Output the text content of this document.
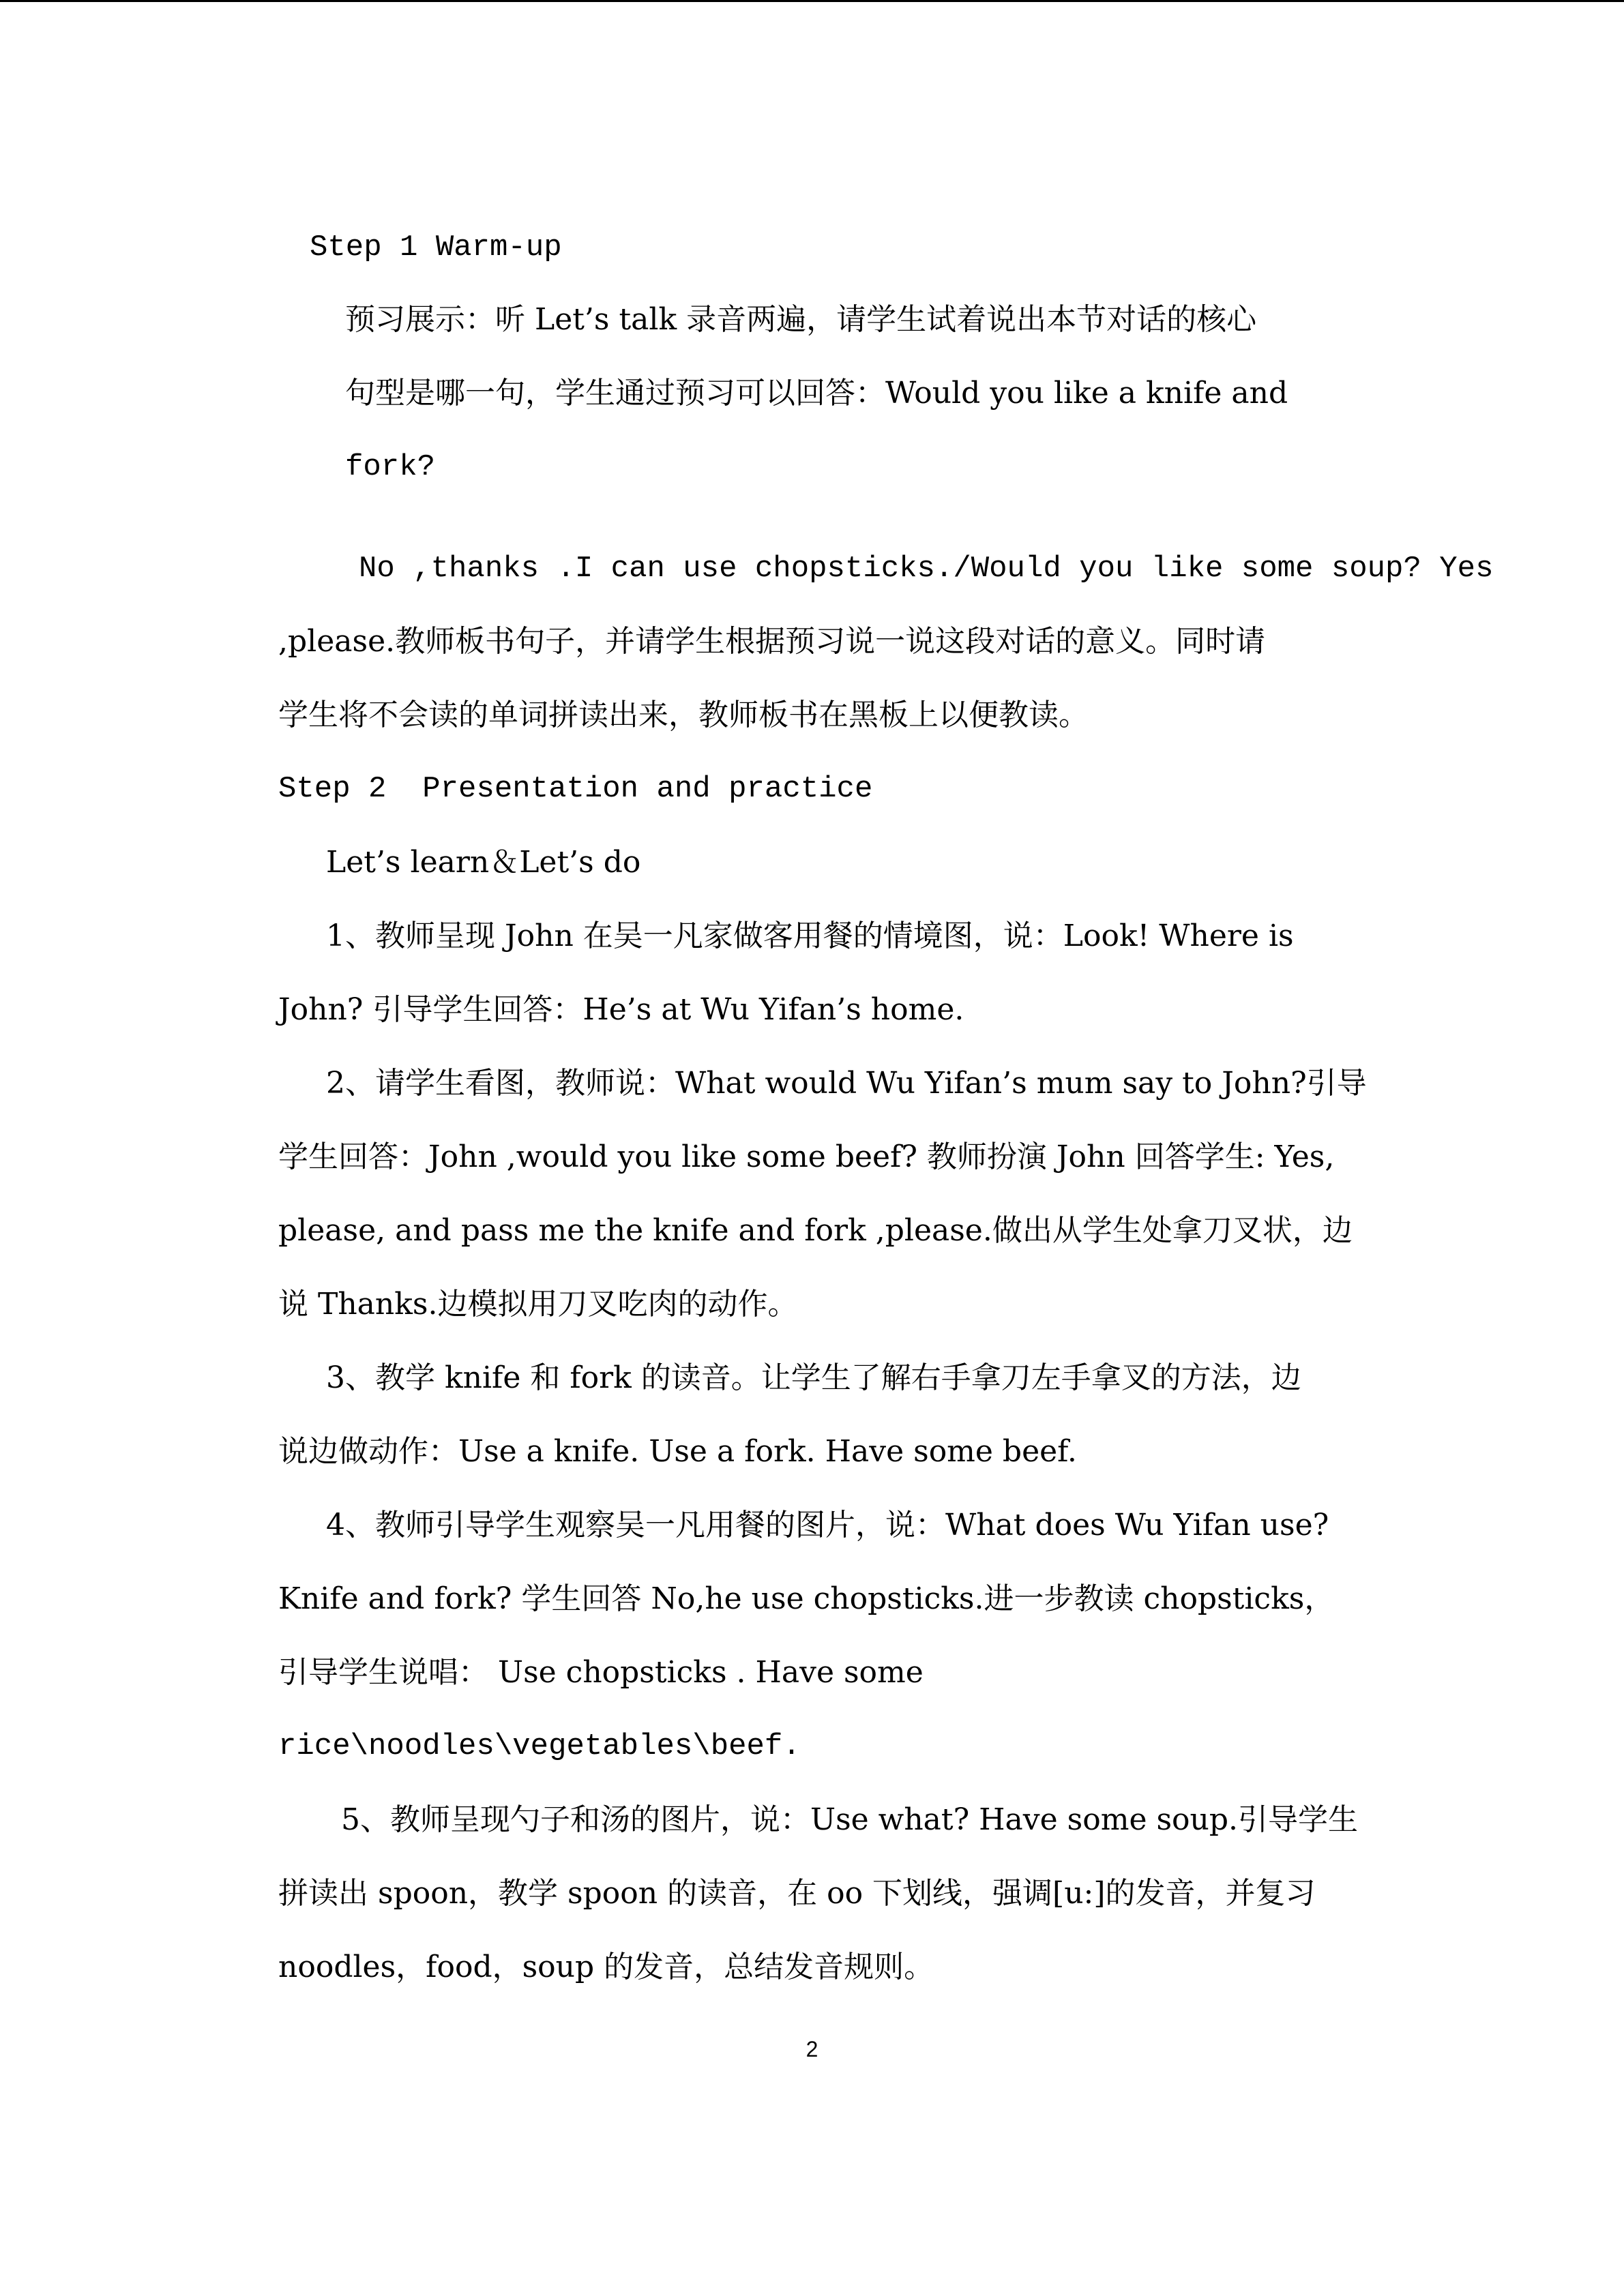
Step 1 Warm-up

预习展示：听 Let’s talk 录音两遍，请学生试着说出本节对话的核心

句型是哪一句，学生通过预习可以回答：Would you like a knife and

fork?

No ,thanks .I can use chopsticks./Would you like some soup? Yes

,please.教师板书句子，并请学生根据预习说一说这段对话的意义。同时请

学生将不会读的单词拼读出来，教师板书在黑板上以便教读。

Step 2  Presentation and practice

Let’s learn＆Let’s do

1、教师呈现 John 在吴一凡家做客用餐的情境图，说：Look! Where is

John? 引导学生回答：He’s at Wu Yifan’s home.

2、请学生看图，教师说：What would Wu Yifan’s mum say to John?引导

学生回答：John ,would you like some beef? 教师扮演 John 回答学生: Yes,

please, and pass me the knife and fork ,please.做出从学生处拿刀叉状，边

说 Thanks.边模拟用刀叉吃肉的动作。

3、教学 knife 和 fork 的读音。让学生了解右手拿刀左手拿叉的方法，边

说边做动作：Use a knife. Use a fork. Have some beef.

4、教师引导学生观察吴一凡用餐的图片，说：What does Wu Yifan use?

Knife and fork? 学生回答 No,he use chopsticks.进一步教读 chopsticks，

引导学生说唱： Use chopsticks . Have some

rice\noodles\vegetables\beef.

5、教师呈现勺子和汤的图片，说：Use what? Have some soup.引导学生

拼读出 spoon，教学 spoon 的读音，在 oo 下划线，强调[u:]的发音，并复习

noodles，food，soup 的发音，总结发音规则。

2
